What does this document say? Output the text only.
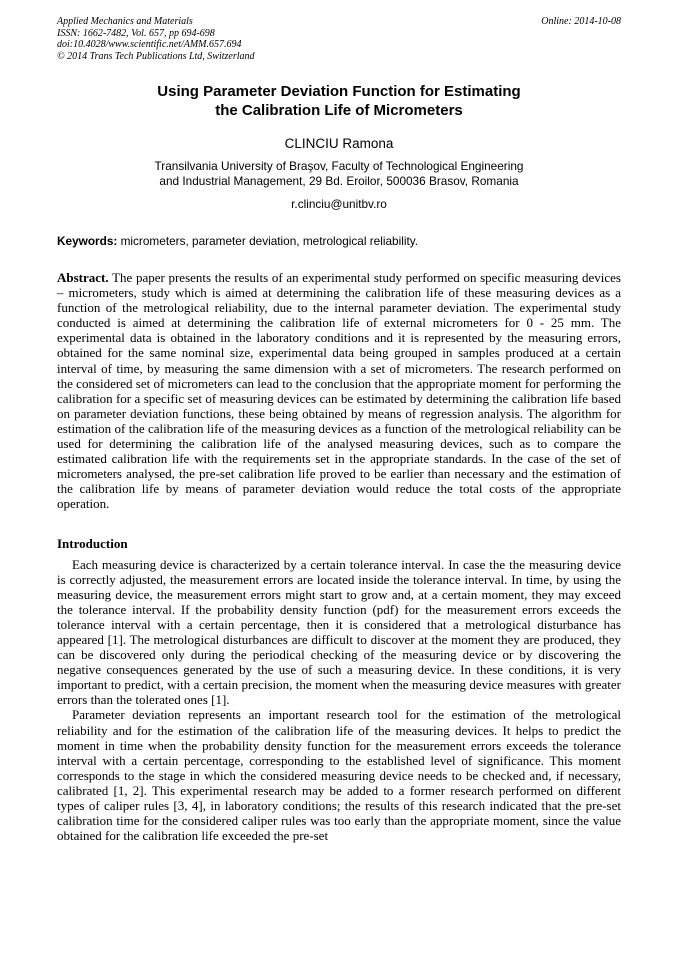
Applied Mechanics and Materials
ISSN: 1662-7482, Vol. 657, pp 694-698
doi:10.4028/www.scientific.net/AMM.657.694
© 2014 Trans Tech Publications Ltd, Switzerland
Online: 2014-10-08
Using Parameter Deviation Function for Estimating
the Calibration Life of Micrometers
CLINCIU Ramona
Transilvania University of Braşov, Faculty of Technological Engineering
and Industrial Management, 29 Bd. Eroilor, 500036 Brasov, Romania
r.clinciu@unitbv.ro

Keywords: micrometers, parameter deviation, metrological reliability.

Abstract. The paper presents the results of an experimental study performed on specific measuring devices – micrometers, study which is aimed at determining the calibration life of these measuring devices as a function of the metrological reliability, due to the internal parameter deviation. The experimental study conducted is aimed at determining the calibration life of external micrometers for 0 - 25 mm. The experimental data is obtained in the laboratory conditions and it is represented by the measuring errors, obtained for the same nominal size, experimental data being grouped in samples produced at a certain interval of time, by measuring the same dimension with a set of micrometers. The research performed on the considered set of micrometers can lead to the conclusion that the appropriate moment for performing the calibration for a specific set of measuring devices can be estimated by determining the calibration life based on parameter deviation functions, these being obtained by means of regression analysis. The algorithm for estimation of the calibration life of the measuring devices as a function of the metrological reliability can be used for determining the calibration life of the analysed measuring devices, such as to compare the estimated calibration life with the requirements set in the appropriate standards. In the case of the set of micrometers analysed, the pre-set calibration life proved to be earlier than necessary and the estimation of the calibration life by means of parameter deviation would reduce the total costs of the appropriate operation.

Introduction

Each measuring device is characterized by a certain tolerance interval. In case the the measuring device is correctly adjusted, the measurement errors are located inside the tolerance interval. In time, by using the measuring device, the measurement errors might start to grow and, at a certain moment, they may exceed the tolerance interval. If the probability density function (pdf) for the measurement errors exceeds the tolerance interval with a certain percentage, then it is considered that a metrological disturbance has appeared [1]. The metrological disturbances are difficult to discover at the moment they are produced, they can be discovered only during the periodical checking of the measuring device or by discovering the negative consequences generated by the use of such a measuring device. In these conditions, it is very important to predict, with a certain precision, the moment when the measuring device measures with greater errors than the tolerated ones [1].

Parameter deviation represents an important research tool for the estimation of the metrological reliability and for the estimation of the calibration life of the measuring devices. It helps to predict the moment in time when the probability density function for the measurement errors exceeds the tolerance interval with a certain percentage, corresponding to the established level of significance. This moment corresponds to the stage in which the considered measuring device needs to be checked and, if necessary, calibrated [1, 2]. This experimental research may be added to a former research performed on different types of caliper rules [3, 4], in laboratory conditions; the results of this research indicated that the pre-set calibration time for the considered caliper rules was too early than the appropriate moment, since the value obtained for the calibration life exceeded the pre-set
